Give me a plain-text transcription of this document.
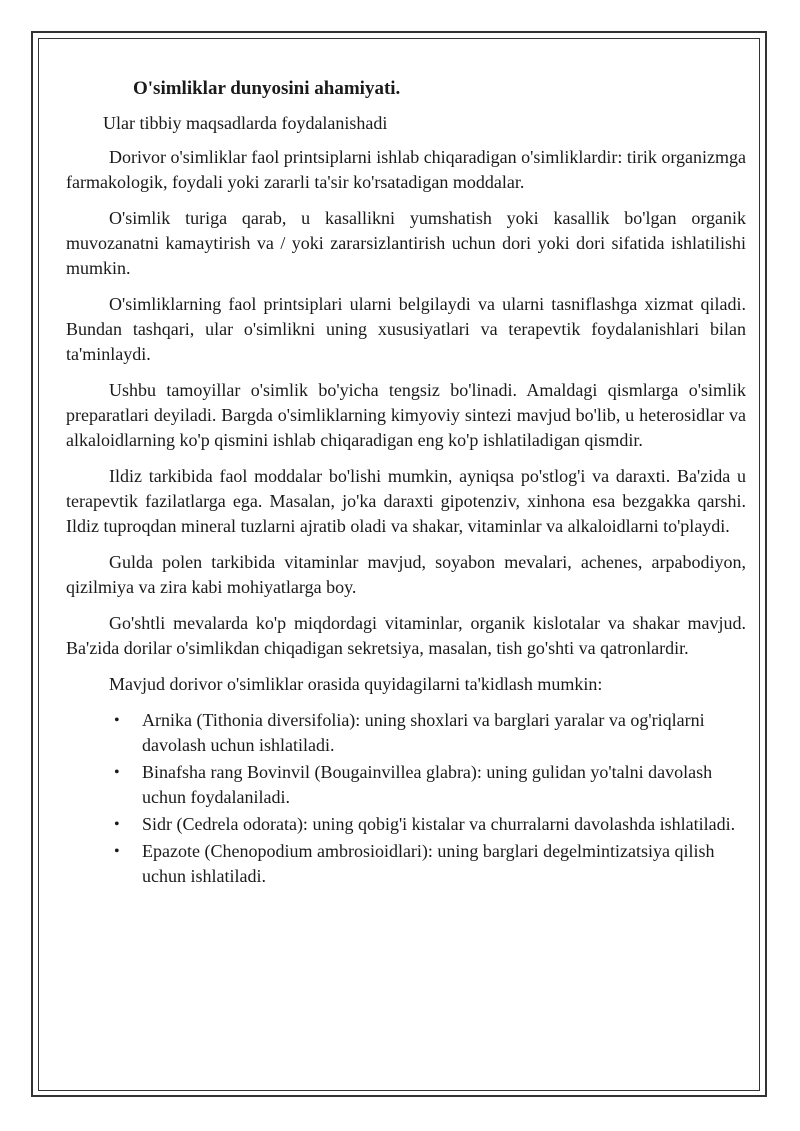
O'simliklar dunyosini ahamiyati.
Ular tibbiy maqsadlarda foydalanishadi

Dorivor o'simliklar faol printsiplarni ishlab chiqaradigan o'simliklardir: tirik organizmga farmakologik, foydali yoki zararli ta'sir ko'rsatadigan moddalar.

O'simlik turiga qarab, u kasallikni yumshatish yoki kasallik bo'lgan organik muvozanatni kamaytirish va / yoki zararsizlantirish uchun dori yoki dori sifatida ishlatilishi mumkin.

O'simliklarning faol printsiplari ularni belgilaydi va ularni tasniflashga xizmat qiladi. Bundan tashqari, ular o'simlikni uning xususiyatlari va terapevtik foydalanishlari bilan ta'minlaydi.

Ushbu tamoyillar o'simlik bo'yicha tengsiz bo'linadi. Amaldagi qismlarga o'simlik preparatlari deyiladi. Bargda o'simliklarning kimyoviy sintezi mavjud bo'lib, u heterosidlar va alkaloidlarning ko'p qismini ishlab chiqaradigan eng ko'p ishlatiladigan qismdir.

Ildiz tarkibida faol moddalar bo'lishi mumkin, ayniqsa po'stlog'i va daraxti. Ba'zida u terapevtik fazilatlarga ega. Masalan, jo'ka daraxti gipotenziv, xinhona esa bezgakka qarshi. Ildiz tuproqdan mineral tuzlarni ajratib oladi va shakar, vitaminlar va alkaloidlarni to'playdi.

Gulda polen tarkibida vitaminlar mavjud, soyabon mevalari, achenes, arpabodiyon, qizilmiya va zira kabi mohiyatlarga boy.

Go'shtli mevalarda ko'p miqdordagi vitaminlar, organik kislotalar va shakar mavjud. Ba'zida dorilar o'simlikdan chiqadigan sekretsiya, masalan, tish go'shti va qatronlardir.

Mavjud dorivor o'simliklar orasida quyidagilarni ta'kidlash mumkin:

• Arnika (Tithonia diversifolia): uning shoxlari va barglari yaralar va og'riqlarni davolash uchun ishlatiladi.
• Binafsha rang Bovinvil (Bougainvillea glabra): uning gulidan yo'talni davolash uchun foydalaniladi.
• Sidr (Cedrela odorata): uning qobig'i kistalar va churralarni davolashda ishlatiladi.
• Epazote (Chenopodium ambrosioidlari): uning barglari degelmintizatsiya qilish uchun ishlatiladi.
